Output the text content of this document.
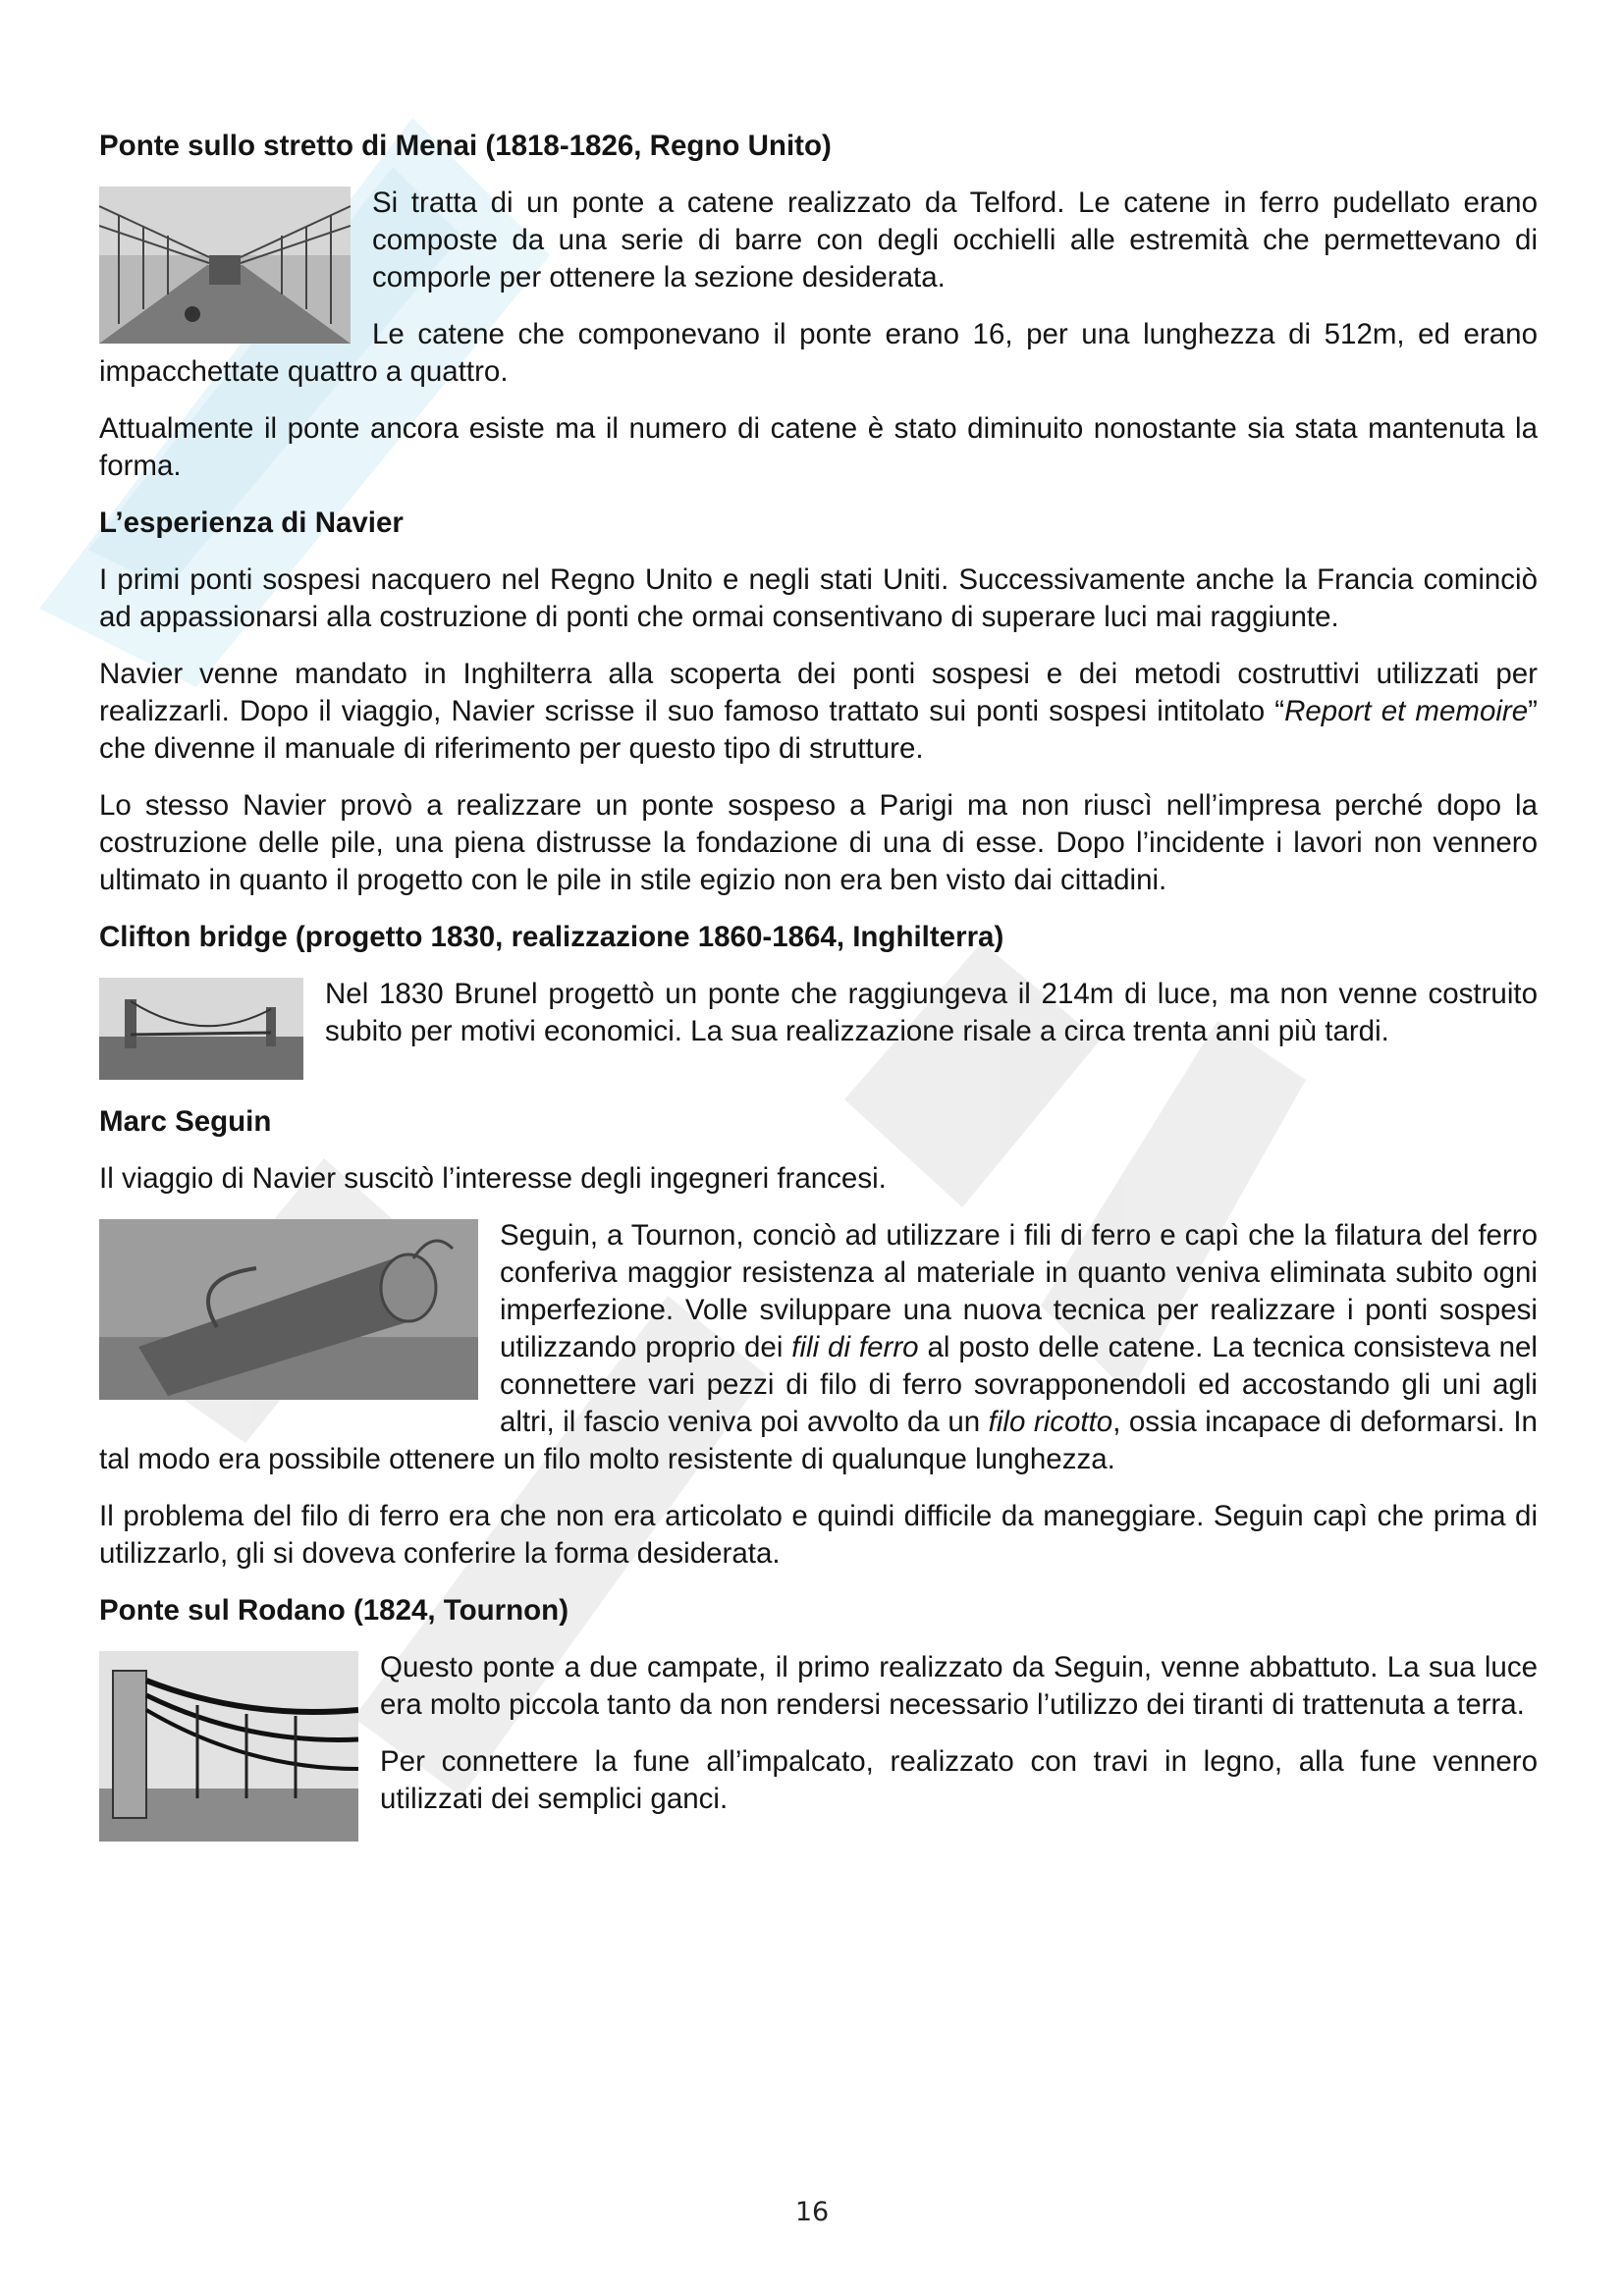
Ponte sullo stretto di Menai (1818-1826, Regno Unito)

Si tratta di un ponte a catene realizzato da Telford. Le catene in ferro pudellato erano composte da una serie di barre con degli occhielli alle estremità che permettevano di comporle per ottenere la sezione desiderata.

Le catene che componevano il ponte erano 16, per una lunghezza di 512m, ed erano impacchettate quattro a quattro.

Attualmente il ponte ancora esiste ma il numero di catene è stato diminuito nonostante sia stata mantenuta la forma.

L’esperienza di Navier

I primi ponti sospesi nacquero nel Regno Unito e negli stati Uniti. Successivamente anche la Francia cominciò ad appassionarsi alla costruzione di ponti che ormai consentivano di superare luci mai raggiunte.

Navier venne mandato in Inghilterra alla scoperta dei ponti sospesi e dei metodi costruttivi utilizzati per realizzarli. Dopo il viaggio, Navier scrisse il suo famoso trattato sui ponti sospesi intitolato “Report et memoire” che divenne il manuale di riferimento per questo tipo di strutture.

Lo stesso Navier provò a realizzare un ponte sospeso a Parigi ma non riuscì nell’impresa perché dopo la costruzione delle pile, una piena distrusse la fondazione di una di esse. Dopo l’incidente i lavori non vennero ultimato in quanto il progetto con le pile in stile egizio non era ben visto dai cittadini.

Clifton bridge (progetto 1830, realizzazione 1860-1864, Inghilterra)

Nel 1830 Brunel progettò un ponte che raggiungeva il 214m di luce, ma non venne costruito subito per motivi economici. La sua realizzazione risale a circa trenta anni più tardi.

Marc Seguin

Il viaggio di Navier suscitò l’interesse degli ingegneri francesi.

Seguin, a Tournon, conciò ad utilizzare i fili di ferro e capì che la filatura del ferro conferiva maggior resistenza al materiale in quanto veniva eliminata subito ogni imperfezione. Volle sviluppare una nuova tecnica per realizzare i ponti sospesi utilizzando proprio dei fili di ferro al posto delle catene. La tecnica consisteva nel connettere vari pezzi di filo di ferro sovrapponendoli ed accostando gli uni agli altri, il fascio veniva poi avvolto da un filo ricotto, ossia incapace di deformarsi. In tal modo era possibile ottenere un filo molto resistente di qualunque lunghezza.

Il problema del filo di ferro era che non era articolato e quindi difficile da maneggiare. Seguin capì che prima di utilizzarlo, gli si doveva conferire la forma desiderata.

Ponte sul Rodano (1824, Tournon)

Questo ponte a due campate, il primo realizzato da Seguin, venne abbattuto. La sua luce era molto piccola tanto da non rendersi necessario l’utilizzo dei tiranti di trattenuta a terra.

Per connettere la fune all’impalcato, realizzato con travi in legno, alla fune vennero utilizzati dei semplici ganci.

16
